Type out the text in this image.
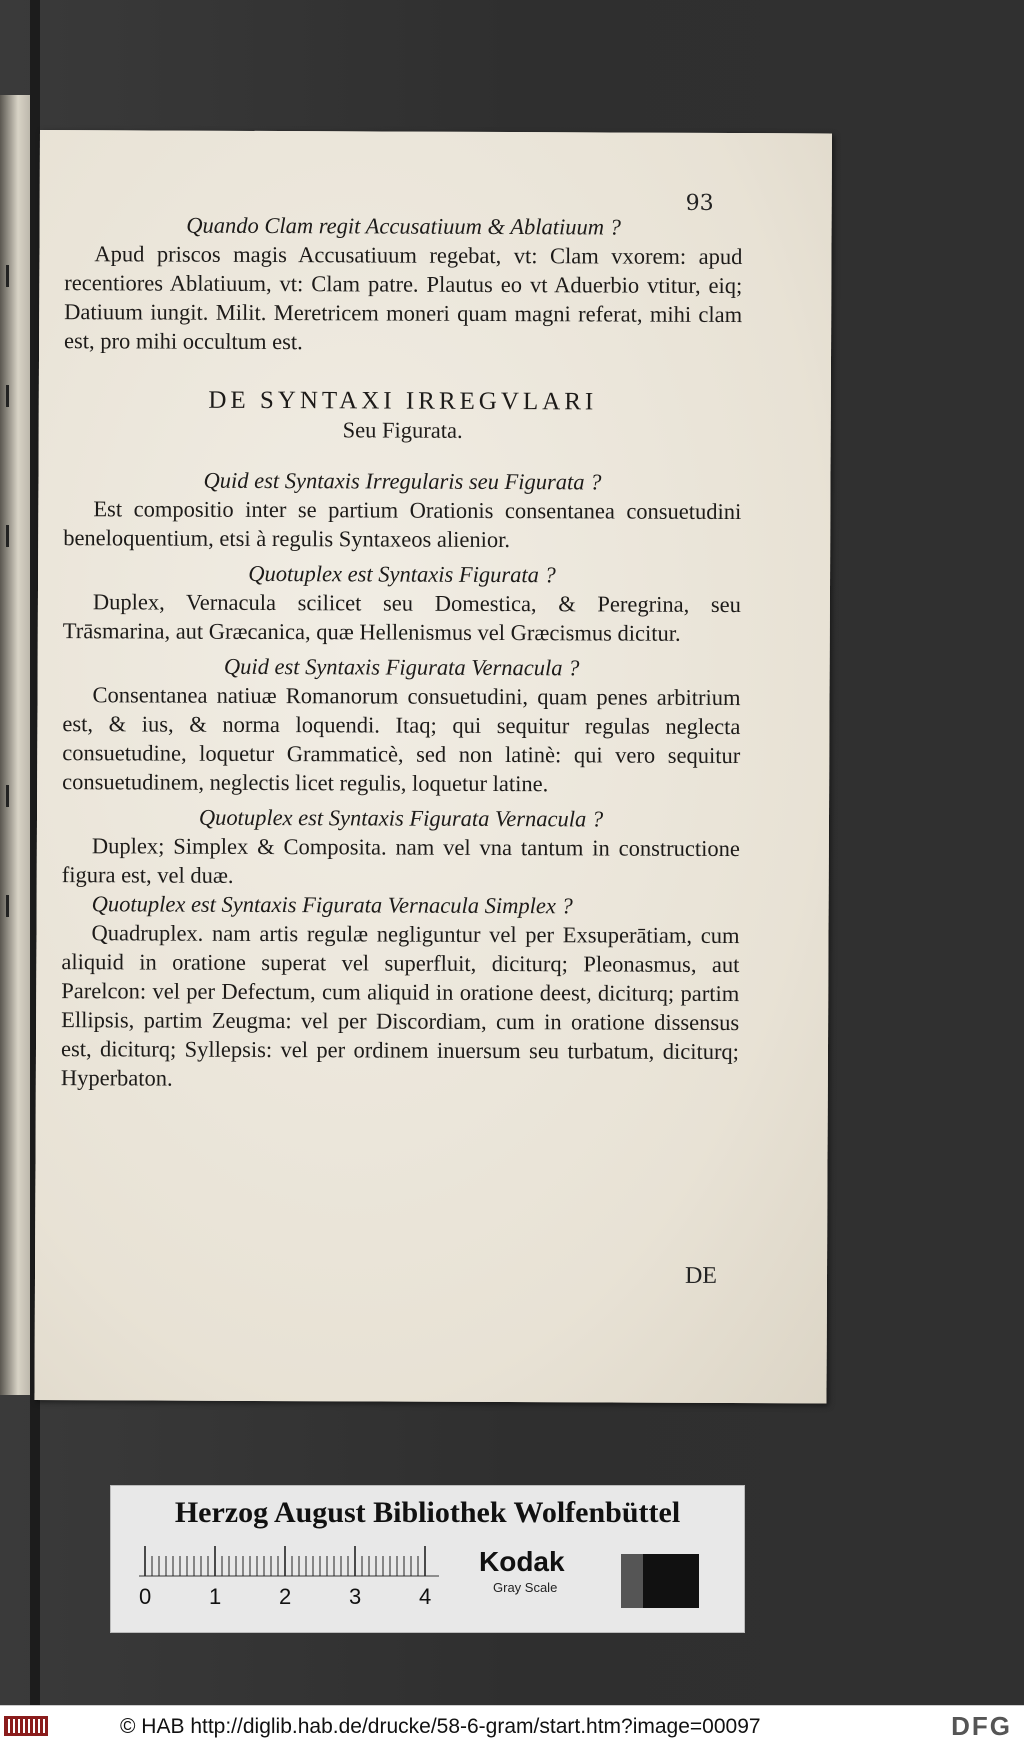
93
Quando Clam regit Accusatiuum & Ablatiuum ?
Apud priscos magis Accusatiuum regebat, vt: Clam vxorem: apud recentiores Ablatiuum, vt: Clam patre. Plautus eo vt Aduerbio vtitur, eiq; Datiuum iungit. Milit. Meretricem moneri quam magni referat, mihi clam est, pro mihi occultum est.
DE SYNTAXI IRREGVLARI
Seu Figurata.
Quid est Syntaxis Irregularis seu Figurata ?
Est compositio inter se partium Orationis consentanea consuetudini beneloquentium, etsi à regulis Syntaxeos alienior.
Quotuplex est Syntaxis Figurata ?
Duplex, Vernacula scilicet seu Domestica, & Peregrina, seu Trāsmarina, aut Græcanica, quæ Hellenismus vel Græcismus dicitur.
Quid est Syntaxis Figurata Vernacula ?
Consentanea natiuæ Romanorum consuetudini, quam penes arbitrium est, & ius, & norma loquendi. Itaq; qui sequitur regulas neglecta consuetudine, loquetur Grammaticè, sed non latinè: qui vero sequitur consuetudinem, neglectis licet regulis, loquetur latine.
Quotuplex est Syntaxis Figurata Vernacula ?
Duplex; Simplex & Composita. nam vel vna tantum in constructione figura est, vel duæ.
Quotuplex est Syntaxis Figurata Vernacula Simplex ?
Quadruplex. nam artis regulæ negliguntur vel per Exsuperātiam, cum aliquid in oratione superat vel superfluit, diciturq; Pleonasmus, aut Parelcon: vel per Defectum, cum aliquid in oratione deest, diciturq; partim Ellipsis, partim Zeugma: vel per Discordiam, cum in oratione dissensus est, diciturq; Syllepsis: vel per ordinem inuersum seu turbatum, diciturq; Hyperbaton.
DE
Herzog August Bibliothek Wolfenbüttel
0	1	2	3	4
Kodak
Gray Scale
© HAB http://diglib.hab.de/drucke/58-6-gram/start.htm?image=00097	DFG
